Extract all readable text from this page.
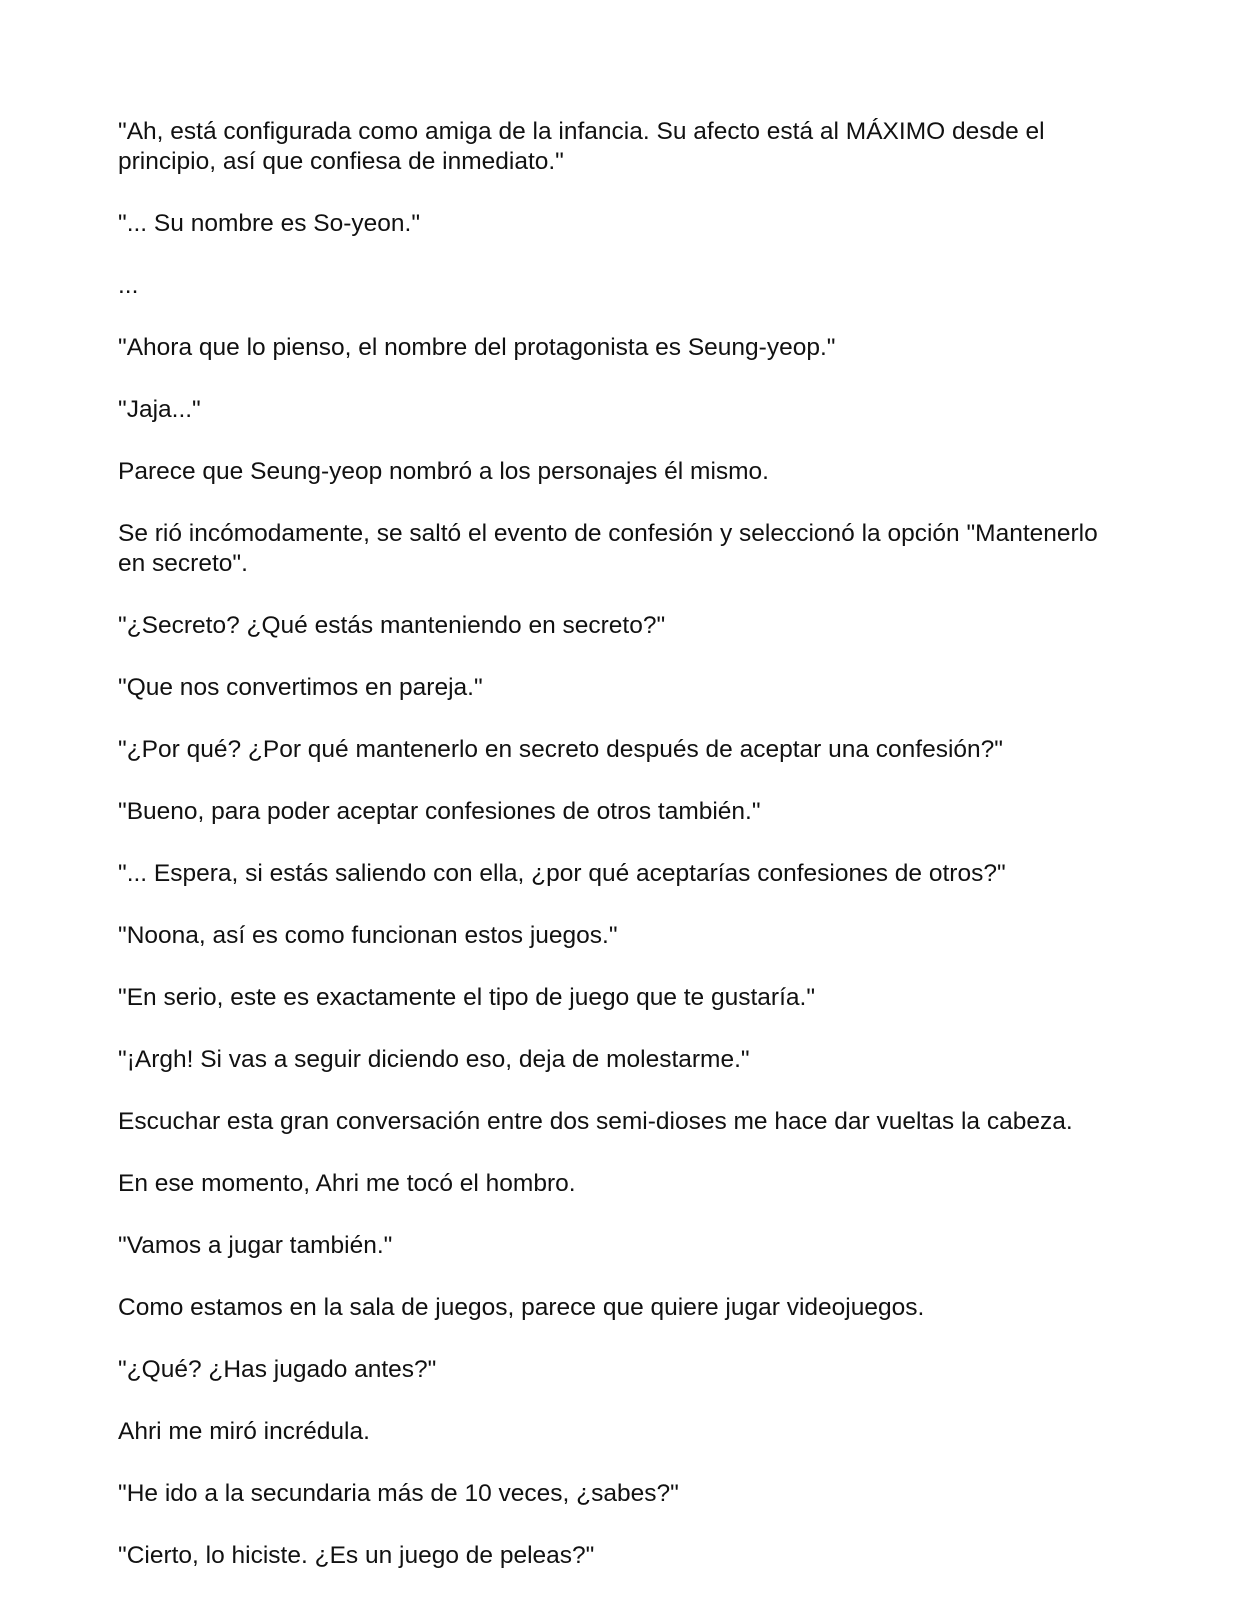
"Ah, está configurada como amiga de la infancia. Su afecto está al MÁXIMO desde el principio, así que confiesa de inmediato."

"... Su nombre es So-yeon."

...

"Ahora que lo pienso, el nombre del protagonista es Seung-yeop."

"Jaja..."

Parece que Seung-yeop nombró a los personajes él mismo.

Se rió incómodamente, se saltó el evento de confesión y seleccionó la opción "Mantenerlo en secreto".

"¿Secreto? ¿Qué estás manteniendo en secreto?"

"Que nos convertimos en pareja."

"¿Por qué? ¿Por qué mantenerlo en secreto después de aceptar una confesión?"

"Bueno, para poder aceptar confesiones de otros también."

"... Espera, si estás saliendo con ella, ¿por qué aceptarías confesiones de otros?"

"Noona, así es como funcionan estos juegos."

"En serio, este es exactamente el tipo de juego que te gustaría."

"¡Argh! Si vas a seguir diciendo eso, deja de molestarme."

Escuchar esta gran conversación entre dos semi-dioses me hace dar vueltas la cabeza.

En ese momento, Ahri me tocó el hombro.

"Vamos a jugar también."

Como estamos en la sala de juegos, parece que quiere jugar videojuegos.

"¿Qué? ¿Has jugado antes?"

Ahri me miró incrédula.

"He ido a la secundaria más de 10 veces, ¿sabes?"

"Cierto, lo hiciste. ¿Es un juego de peleas?"
